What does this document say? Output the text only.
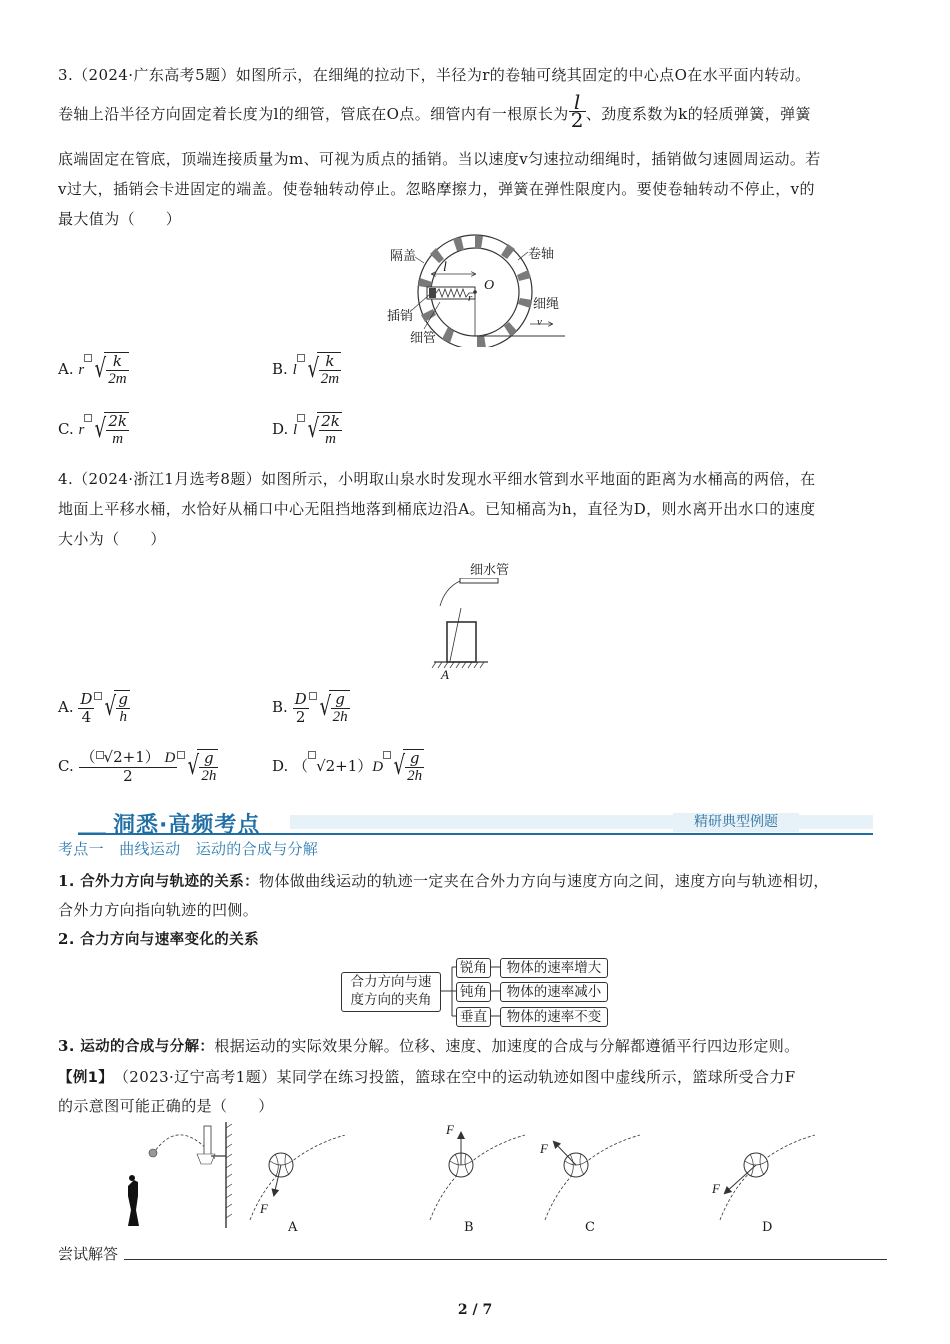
3.（2024·广东高考5题）如图所示，在细绳的拉动下，半径为r的卷轴可绕其固定的中心点O在水平面内转动。
卷轴上沿半径方向固定着长度为l的细管，管底在O点。细管内有一根原长为 $\frac{l}{2}$ 、劲度系数为k的轻质弹簧，弹簧
底端固定在管底，顶端连接质量为m、可视为质点的插销。当以速度v匀速拉动细绳时，插销做匀速圆周运动。若
v过大，插销会卡进固定的端盖。使卷轴转动停止。忽略摩擦力，弹簧在弹性限度内。要使卷轴转动不停止，v的
最大值为（　　）
隔盖	卷轴
l
O
r	细绳
插销	v
细管
A. r √ $\frac{k}{2m}$	B. l √ $\frac{k}{2m}$
C. r √ $\frac{2k}{m}$	D. l √ $\frac{2k}{m}$
4.（2024·浙江1月选考8题）如图所示，小明取山泉水时发现水平细水管到水平地面的距离为水桶高的两倍，在
地面上平移水桶，水恰好从桶口中心无阻挡地落到桶底边沿A。已知桶高为h，直径为D，则水离开出水口的速度
大小为（　　）
细水管
A
A. $\frac{D}{4}$ √ $\frac{g}{h}$	B. $\frac{D}{2}$ √ $\frac{g}{2h}$
C. $\frac{( √2+1) D}{2}$ √ $\frac{g}{2h}$	D. （ √2+1）D √ $\frac{g}{2h}$
洞悉·高频考点	精研典型例题
考点一　曲线运动　运动的合成与分解
1. 合外力方向与轨迹的关系：物体做曲线运动的轨迹一定夹在合外力方向与速度方向之间，速度方向与轨迹相切，
合外力方向指向轨迹的凹侧。
2. 合力方向与速率变化的关系
合力方向与速
度方向的夹角
锐角
钝角
垂直
物体的速率增大
物体的速率减小
物体的速率不变
3. 运动的合成与分解：根据运动的实际效果分解。位移、速度、加速度的合成与分解都遵循平行四边形定则。
【例1】　 （2023·辽宁高考1题）某同学在练习投篮，篮球在空中的运动轨迹如图中虚线所示，篮球所受合力F
的示意图可能正确的是（　　）
F
F
F
F
A	B	C	D
尝试解答
2 / 7
